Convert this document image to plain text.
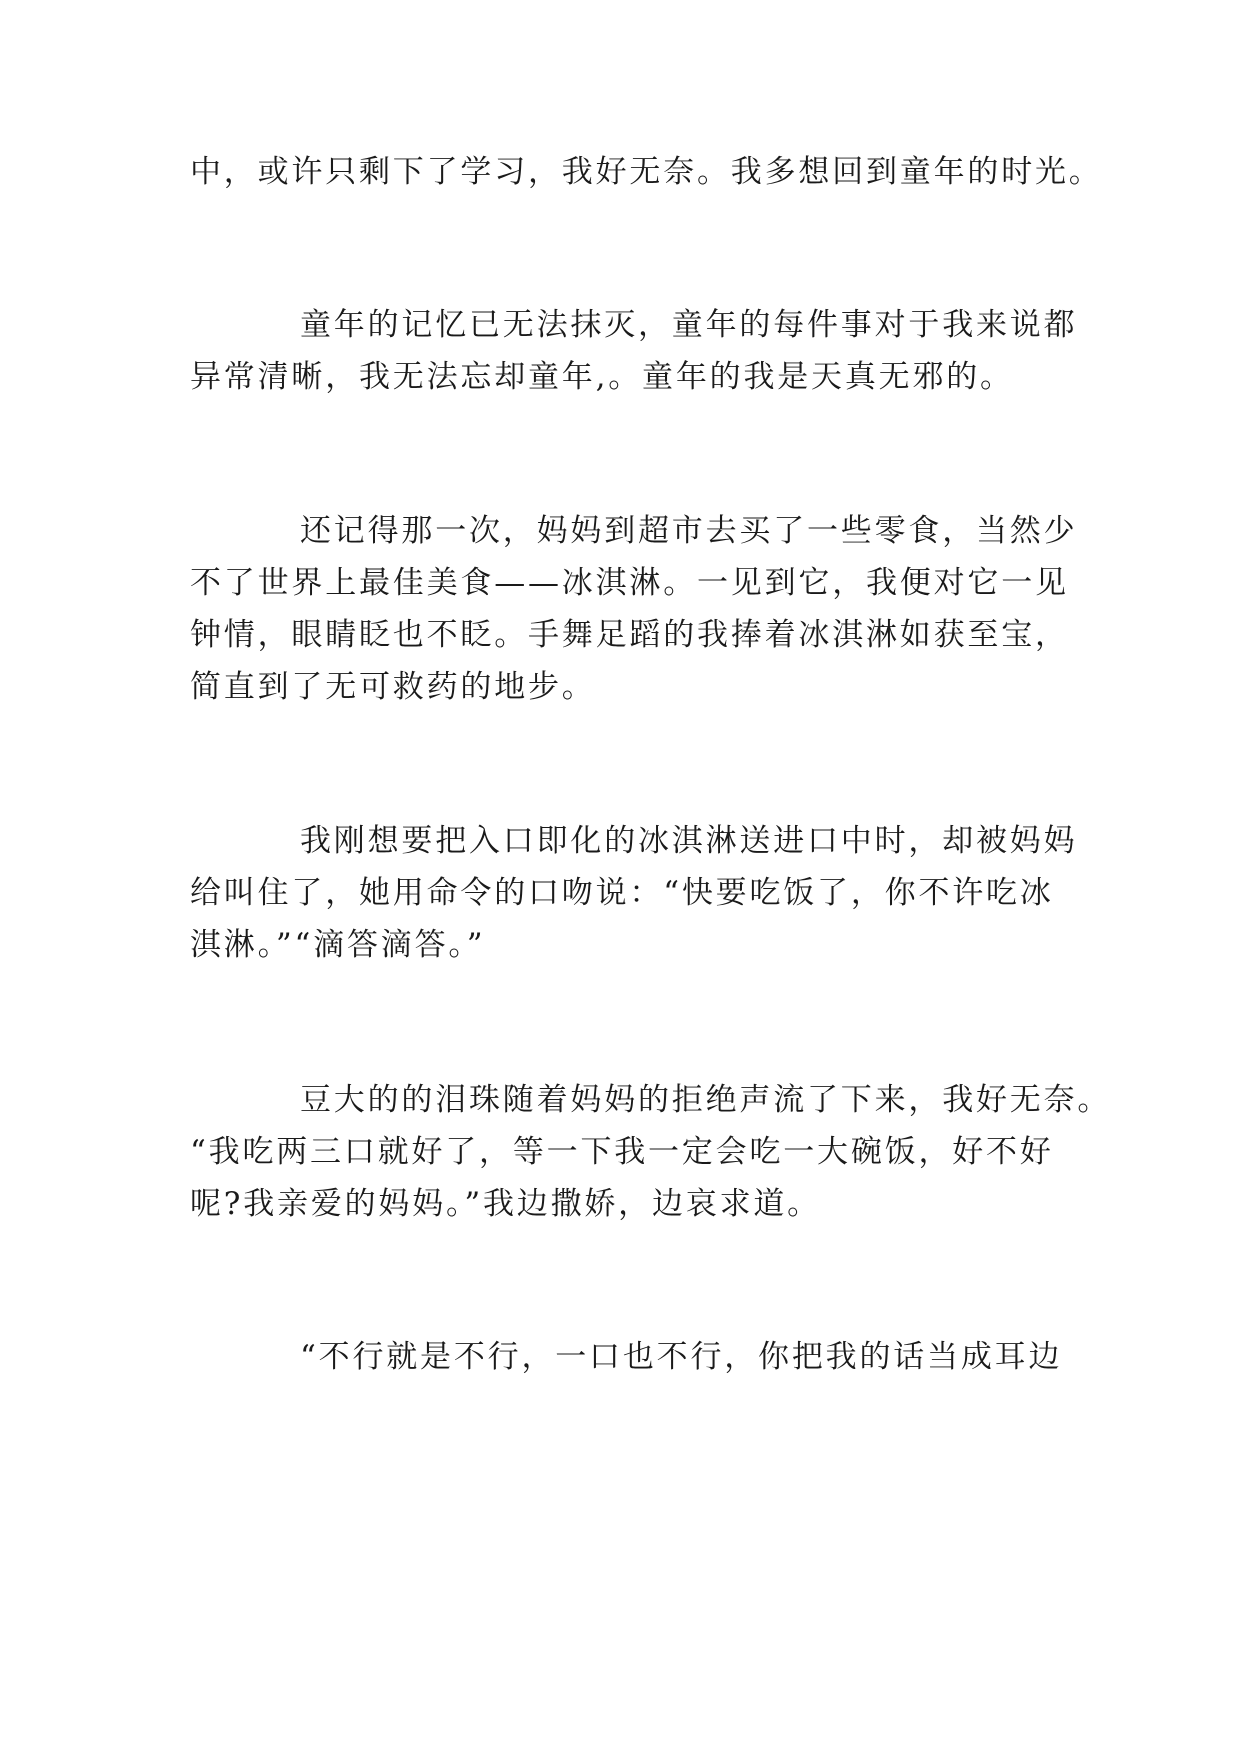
中，或许只剩下了学习，我好无奈。我多想回到童年的时光。
童年的记忆已无法抹灭，童年的每件事对于我来说都
异常清晰，我无法忘却童年,。童年的我是天真无邪的。
还记得那一次，妈妈到超市去买了一些零食，当然少
不了世界上最佳美食——冰淇淋。一见到它，我便对它一见
钟情，眼睛眨也不眨。手舞足蹈的我捧着冰淇淋如获至宝，
简直到了无可救药的地步。
我刚想要把入口即化的冰淇淋送进口中时，却被妈妈
给叫住了，她用命令的口吻说：“快要吃饭了，你不许吃冰
淇淋。”“滴答滴答。”
豆大的的泪珠随着妈妈的拒绝声流了下来，我好无奈。
“我吃两三口就好了，等一下我一定会吃一大碗饭，好不好
呢?我亲爱的妈妈。”我边撒娇，边哀求道。
“不行就是不行，一口也不行，你把我的话当成耳边
